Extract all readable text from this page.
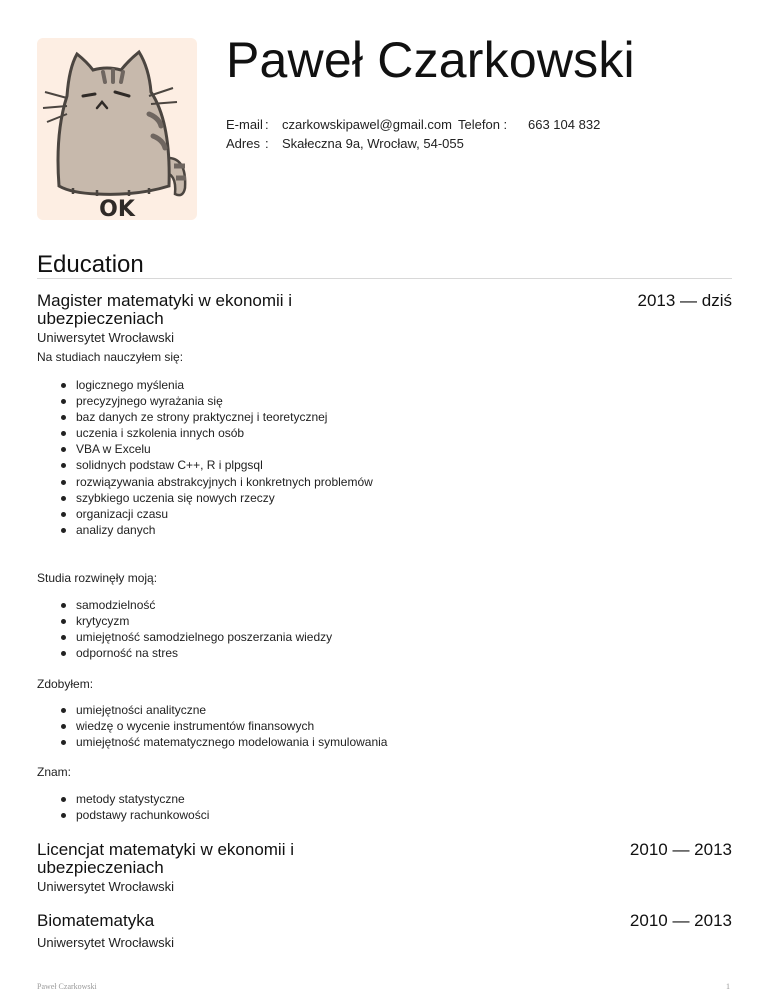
OK
Paweł Czarkowski
E-mail	:	czarkowskipawel@gmail.com	Telefon :	663 104 832
Adres	:	Skałeczna 9a, Wrocław, 54-055		
Education
Magister matematyki w ekonomii i
ubezpieczeniach
2013 — dziś
Uniwersytet Wrocławski
Na studiach nauczyłem się:
logicznego myślenia
precyzyjnego wyrażania się
baz danych ze strony praktycznej i teoretycznej
uczenia i szkolenia innych osób
VBA w Excelu
solidnych podstaw C++, R i plpgsql
rozwiązywania abstrakcyjnych i konkretnych problemów
szybkiego uczenia się nowych rzeczy
organizacji czasu
analizy danych
Studia rozwinęły moją:
samodzielność
krytycyzm
umiejętność samodzielnego poszerzania wiedzy
odporność na stres
Zdobyłem:
umiejętności analityczne
wiedzę o wycenie instrumentów finansowych
umiejętność matematycznego modelowania i symulowania
Znam:
metody statystyczne
podstawy rachunkowości
Licencjat matematyki w ekonomii i
ubezpieczeniach
2010 — 2013
Uniwersytet Wrocławski
Biomatematyka	2010 — 2013
Uniwersytet Wrocławski
Paweł Czarkowski	1
